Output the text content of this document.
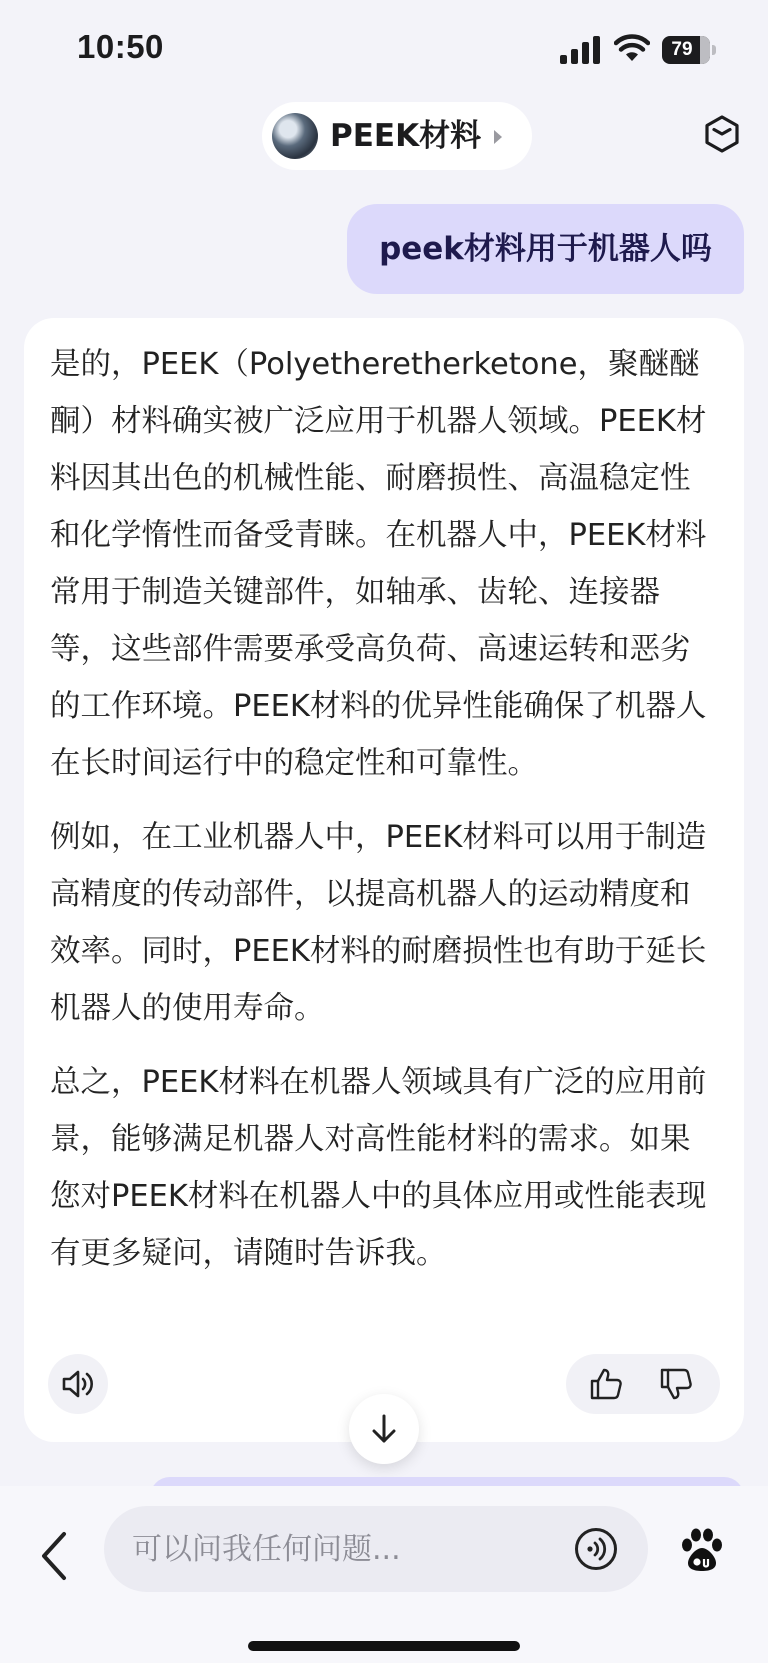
10:50	79
PEEK材料
peek材料用于机器人吗

是的，PEEK（Polyetheretherketone，聚醚醚酮）材料确实被广泛应用于机器人领域。PEEK材料因其出色的机械性能、耐磨损性、高温稳定性和化学惰性而备受青睐。在机器人中，PEEK材料常用于制造关键部件，如轴承、齿轮、连接器等，这些部件需要承受高负荷、高速运转和恶劣的工作环境。PEEK材料的优异性能确保了机器人在长时间运行中的稳定性和可靠性。

例如，在工业机器人中，PEEK材料可以用于制造高精度的传动部件，以提高机器人的运动精度和效率。同时，PEEK材料的耐磨损性也有助于延长机器人的使用寿命。

总之，PEEK材料在机器人领域具有广泛的应用前景，能够满足机器人对高性能材料的需求。如果您对PEEK材料在机器人中的具体应用或性能表现有更多疑问，请随时告诉我。

可以问我任何问题...
